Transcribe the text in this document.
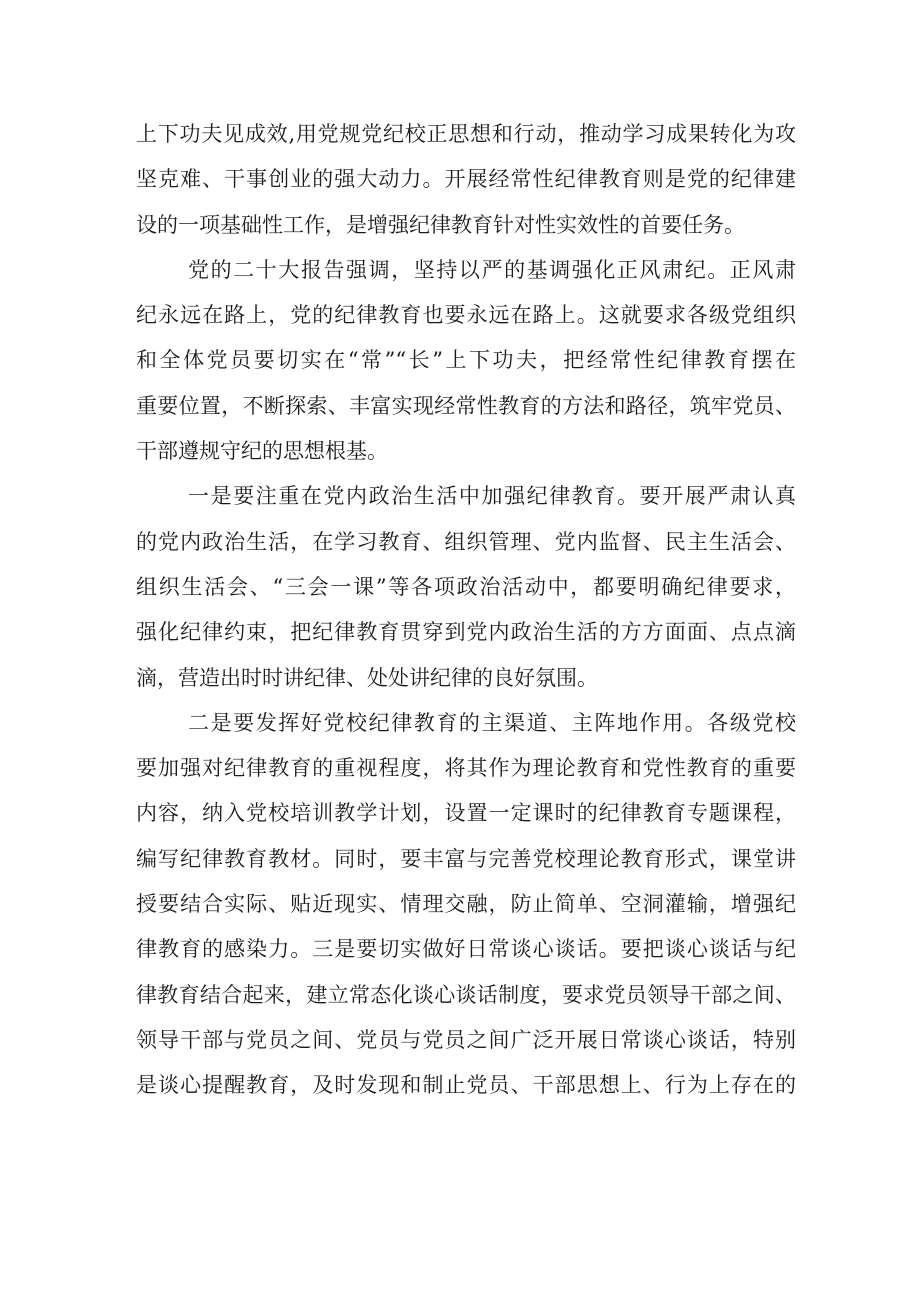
上下功夫见成效,用党规党纪校正思想和行动，推动学习成果转化为攻
坚克难、干事创业的强大动力。开展经常性纪律教育则是党的纪律建
设的一项基础性工作，是增强纪律教育针对性实效性的首要任务。
党的二十大报告强调，坚持以严的基调强化正风肃纪。正风肃
纪永远在路上，党的纪律教育也要永远在路上。这就要求各级党组织
和全体党员要切实在“常”“长”上下功夫，把经常性纪律教育摆在
重要位置，不断探索、丰富实现经常性教育的方法和路径，筑牢党员、
干部遵规守纪的思想根基。
一是要注重在党内政治生活中加强纪律教育。要开展严肃认真
的党内政治生活，在学习教育、组织管理、党内监督、民主生活会、
组织生活会、“三会一课”等各项政治活动中，都要明确纪律要求，
强化纪律约束，把纪律教育贯穿到党内政治生活的方方面面、点点滴
滴，营造出时时讲纪律、处处讲纪律的良好氛围。
二是要发挥好党校纪律教育的主渠道、主阵地作用。各级党校
要加强对纪律教育的重视程度，将其作为理论教育和党性教育的重要
内容，纳入党校培训教学计划，设置一定课时的纪律教育专题课程，
编写纪律教育教材。同时，要丰富与完善党校理论教育形式，课堂讲
授要结合实际、贴近现实、情理交融，防止简单、空洞灌输，增强纪
律教育的感染力。三是要切实做好日常谈心谈话。要把谈心谈话与纪
律教育结合起来，建立常态化谈心谈话制度，要求党员领导干部之间、
领导干部与党员之间、党员与党员之间广泛开展日常谈心谈话，特别
是谈心提醒教育，及时发现和制止党员、干部思想上、行为上存在的
